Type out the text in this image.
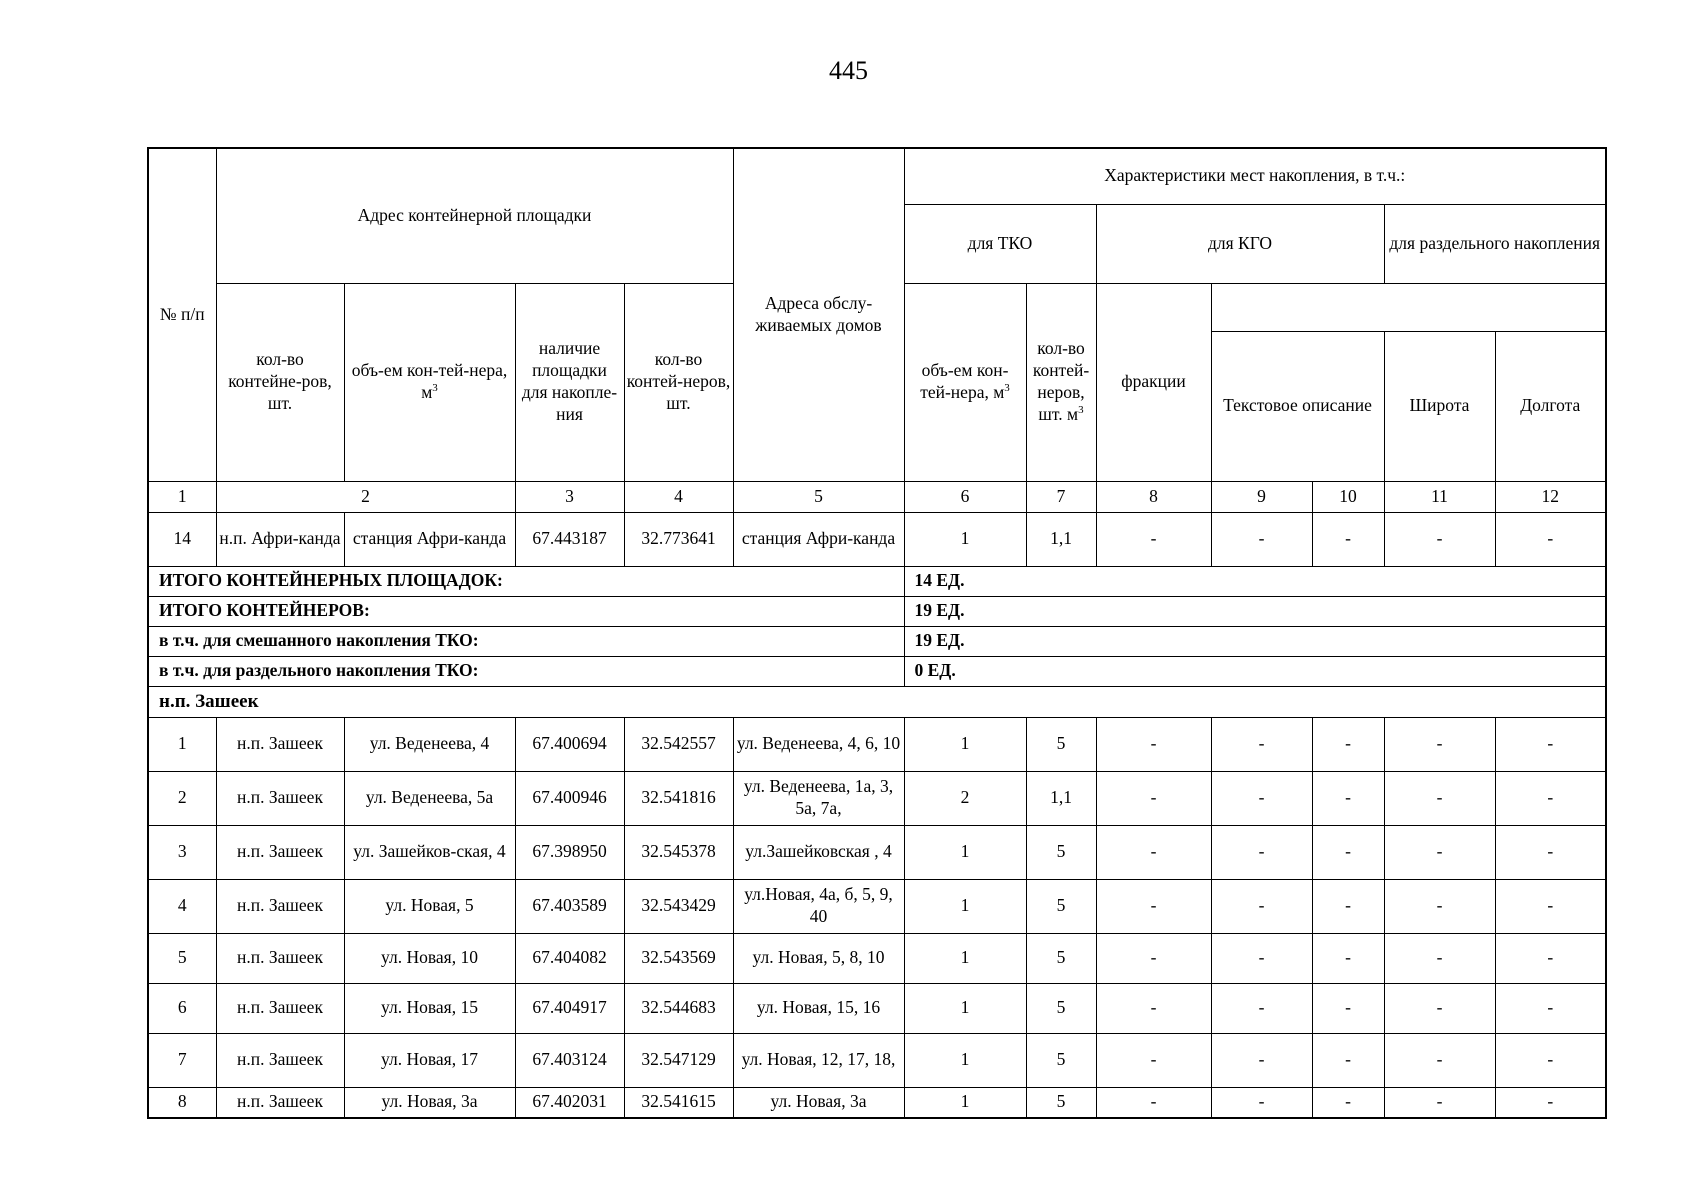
445
№ п/п	Адрес контейнерной площадки				Адреса обслу-живаемых домов	Характеристики мест накопления, в т.ч.:						
						для ТКО		для КГО			для раздельного накопления	
	кол-во контейне-ров, шт.	объ-ем кон-тей-нера, $м^3$	наличие площадки для накопле-ния	кол-во контей-неров, шт.		объ-ем кон-тей-нера, $м^3$	кол-во контей-неров, шт. $м^3$	фракции				
									Текстовое описание		Широта	Долгота
1	2		3	4	5	6	7	8	9	10	11	12
14	н.п. Афри-канда	станция Афри-канда	67.443187	32.773641	станция Афри-канда	1	1,1	-	-	-	-	-
ИТОГО КОНТЕЙНЕРНЫХ ПЛОЩАДОК:						14 ЕД.						
ИТОГО КОНТЕЙНЕРОВ:						19 ЕД.						
в т.ч. для смешанного накопления ТКО:						19 ЕД.						
в т.ч. для раздельного накопления ТКО:						0 ЕД.						
н.п. Зашеек												
1	н.п. Зашеек	ул. Веденеева, 4	67.400694	32.542557	ул. Веденеева, 4, 6, 10	1	5	-	-	-	-	-
2	н.п. Зашеек	ул. Веденеева, 5а	67.400946	32.541816	ул. Веденеева, 1а, 3, 5а, 7а,	2	1,1	-	-	-	-	-
3	н.п. Зашеек	ул. Зашейков-ская, 4	67.398950	32.545378	ул.Зашейковская , 4	1	5	-	-	-	-	-
4	н.п. Зашеек	ул. Новая, 5	67.403589	32.543429	ул.Новая, 4а, б, 5, 9, 40	1	5	-	-	-	-	-
5	н.п. Зашеек	ул. Новая, 10	67.404082	32.543569	ул. Новая, 5, 8, 10	1	5	-	-	-	-	-
6	н.п. Зашеек	ул. Новая, 15	67.404917	32.544683	ул. Новая, 15, 16	1	5	-	-	-	-	-
7	н.п. Зашеек	ул. Новая, 17	67.403124	32.547129	ул. Новая, 12, 17, 18,	1	5	-	-	-	-	-
8	н.п. Зашеек	ул. Новая, 3а	67.402031	32.541615	ул. Новая, 3а	1	5	-	-	-	-	-
